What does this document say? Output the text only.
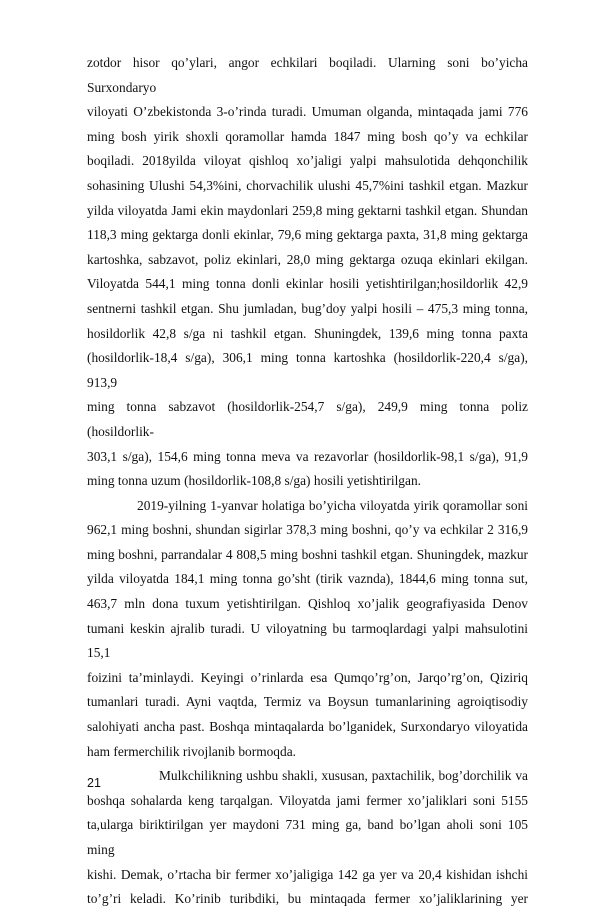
zotdor hisor qo’ylari, angor echkilari boqiladi. Ularning soni bo’yicha Surxondaryo

viloyati O’zbekistonda 3-o’rinda turadi. Umuman olganda, mintaqada jami 776

ming bosh yirik shoxli qoramollar hamda 1847 ming bosh qo’y va echkilar

boqiladi. 2018yilda viloyat qishloq xo’jaligi yalpi mahsulotida dehqonchilik

sohasining Ulushi 54,3%ini, chorvachilik ulushi 45,7%ini tashkil etgan. Mazkur

yilda viloyatda Jami ekin maydonlari 259,8 ming gektarni tashkil etgan. Shundan

118,3 ming gektarga donli ekinlar, 79,6 ming gektarga paxta, 31,8 ming gektarga

kartoshka, sabzavot, poliz ekinlari, 28,0 ming gektarga ozuqa ekinlari ekilgan.

Viloyatda 544,1 ming tonna donli ekinlar hosili yetishtirilgan;hosildorlik 42,9

sentnerni tashkil etgan. Shu jumladan, bug’doy yalpi hosili – 475,3 ming tonna,

hosildorlik 42,8 s/ga ni tashkil etgan. Shuningdek, 139,6 ming tonna paxta

(hosildorlik-18,4 s/ga), 306,1 ming tonna kartoshka (hosildorlik-220,4 s/ga), 913,9

ming tonna sabzavot (hosildorlik-254,7 s/ga), 249,9 ming tonna poliz (hosildorlik-

303,1 s/ga), 154,6 ming tonna meva va rezavorlar (hosildorlik-98,1 s/ga), 91,9

ming tonna uzum (hosildorlik-108,8 s/ga) hosili yetishtirilgan.

2019-yilning 1-yanvar holatiga bo’yicha viloyatda yirik qoramollar soni

962,1 ming boshni, shundan sigirlar 378,3 ming boshni, qo’y va echkilar 2 316,9

ming boshni, parrandalar 4 808,5 ming boshni tashkil etgan. Shuningdek, mazkur

yilda viloyatda 184,1 ming tonna go’sht (tirik vaznda), 1844,6 ming tonna sut,

463,7 mln dona tuxum yetishtirilgan. Qishloq xo’jalik geografiyasida Denov

tumani keskin ajralib turadi. U viloyatning bu tarmoqlardagi yalpi mahsulotini 15,1

foizini ta’minlaydi. Keyingi o’rinlarda esa Qumqo’rg’on, Jarqo’rg’on, Qiziriq

tumanlari turadi. Ayni vaqtda, Termiz va Boysun tumanlarining agroiqtisodiy

salohiyati ancha past. Boshqa mintaqalarda bo’lganidek, Surxondaryo viloyatida

ham fermerchilik rivojlanib bormoqda.

Mulkchilikning ushbu shakli, xususan, paxtachilik, bog’dorchilik va

boshqa sohalarda keng tarqalgan. Viloyatda jami fermer xo’jaliklari soni 5155

ta,ularga biriktirilgan yer maydoni 731 ming ga, band bo’lgan aholi soni 105 ming

kishi. Demak, o’rtacha bir fermer xo’jaligiga 142 ga yer va 20,4 kishidan ishchi

to’g’ri keladi. Ko’rinib turibdiki, bu mintaqada fermer xo’jaliklarining yer

21
